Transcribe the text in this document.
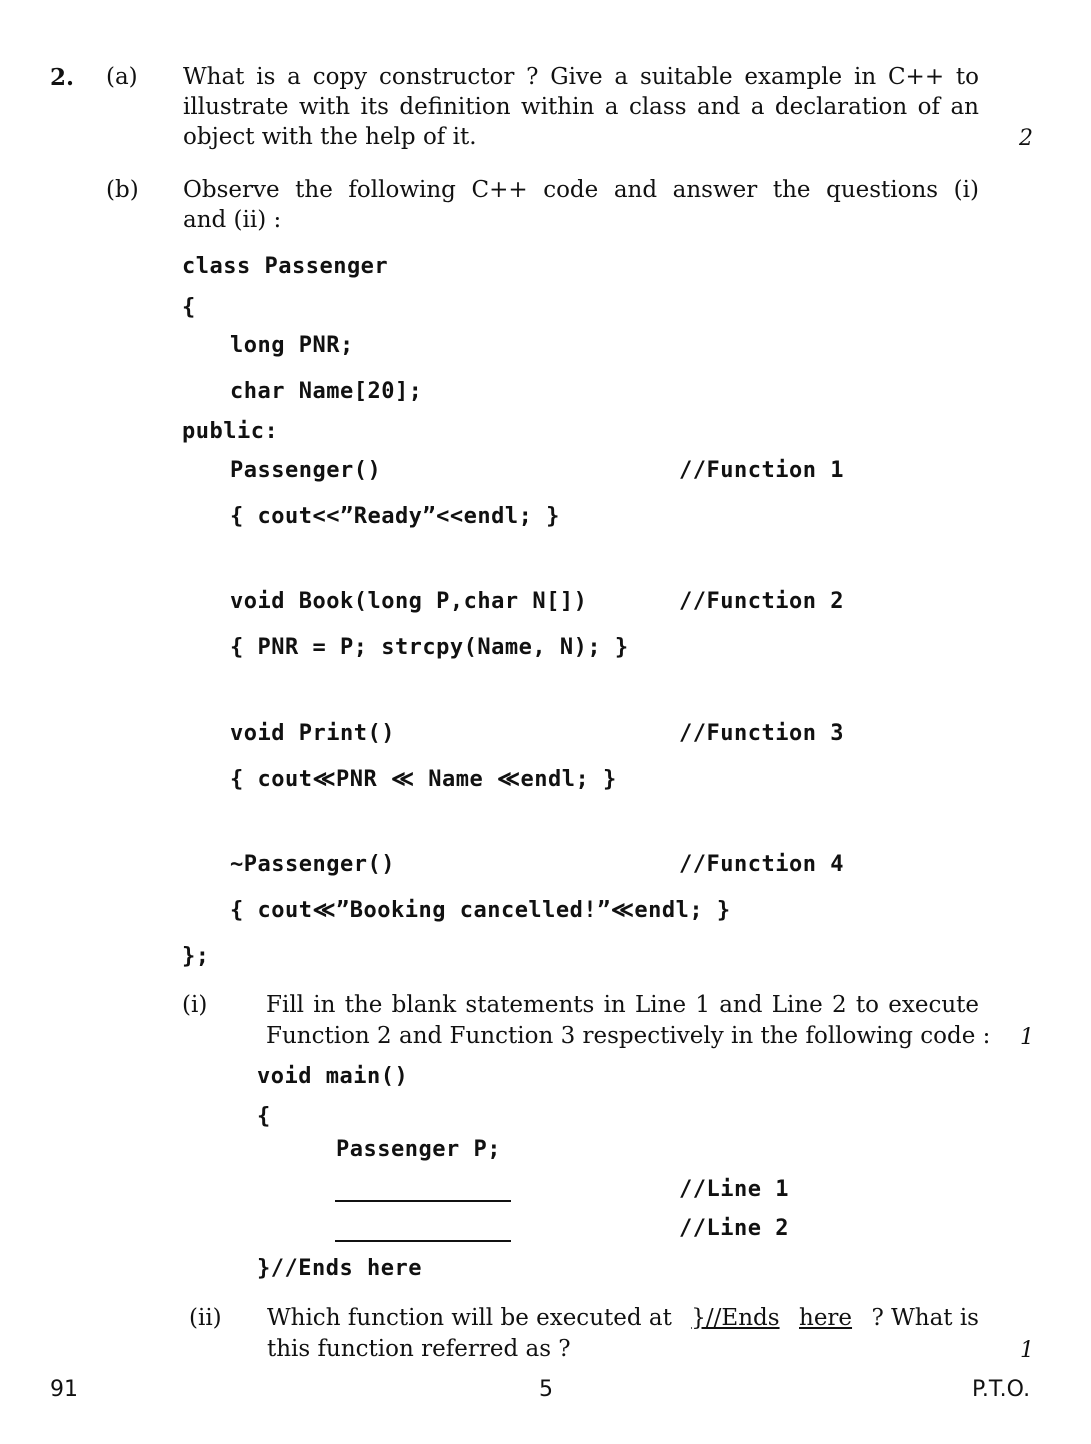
2. (a) What is a copy constructor ? Give a suitable example in C++ to
illustrate with its definition within a class and a declaration of an
object with the help of it.	2
(b) Observe the following C++ code and answer the questions (i)
and (ii) :
class Passenger
{
long PNR;
char Name[20];
public:
Passenger()	//Function 1
{ cout<<”Ready”<<endl; }
void Book(long P,char N[])	//Function 2
{ PNR = P; strcpy(Name, N); }
void Print()	//Function 3
{ cout≪PNR ≪ Name ≪endl; }
~Passenger()	//Function 4
{ cout≪”Booking cancelled!”≪endl; }
};
(i)	Fill in the blank statements in Line 1 and Line 2 to execute
Function 2 and Function 3 respectively in the following code : 1
void main()
{
Passenger P;
//Line 1
//Line 2
}//Ends here
(ii) Which function will be executed at }//Ends here ? What is
this function referred as ?	1
91	5	P.T.O.
